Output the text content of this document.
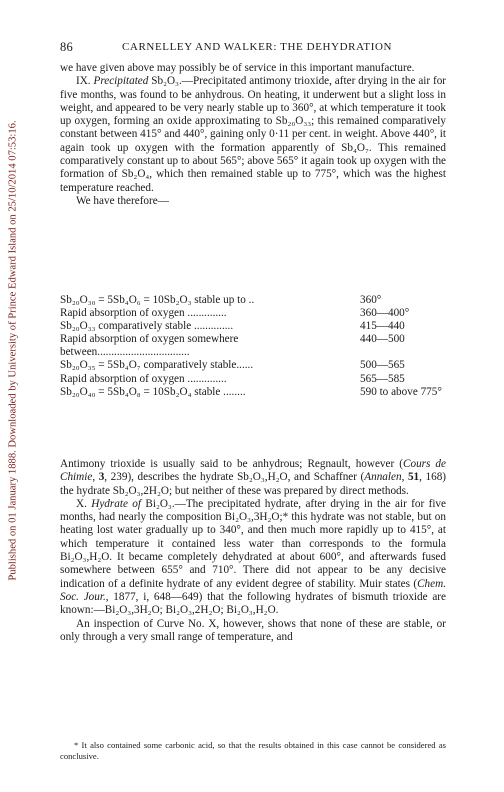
Published on 01 January 1888. Downloaded by University of Prince Edward Island on 25/10/2014 07:53:16.
86	CARNELLEY AND WALKER: THE DEHYDRATION

we have given above may possibly be of service in this important manufacture.

IX. Precipitated Sb₂O₃.—Precipitated antimony trioxide, after drying in the air for five months, was found to be anhydrous. On heating, it underwent but a slight loss in weight, and appeared to be very nearly stable up to 360°, at which temperature it took up oxygen, forming an oxide approximating to Sb₂₀O₃₃; this remained comparatively constant between 415° and 440°, gaining only 0·11 per cent. in weight. Above 440°, it again took up oxygen with the formation apparently of Sb₄O₇. This remained comparatively constant up to about 565°; above 565° it again took up oxygen with the formation of Sb₂O₄, which then remained stable up to 775°, which was the highest temperature reached.

We have therefore—

Sb₂₀O₃₀ = 5Sb₄O₆ = 10Sb₂O₃ stable up to ..	360°
Rapid absorption of oxygen ..............	360—400°
Sb₂₀O₃₃ comparatively stable ..............	415—440
Rapid absorption of oxygen somewhere between.................................	440—500
Sb₂₀O₃₅ = 5Sb₄O₇ comparatively stable......	500—565
Rapid absorption of oxygen ..............	565—585
Sb₂₀O₄₀ = 5Sb₄O₈ = 10Sb₂O₄ stable ........	590 to above 775°

Antimony trioxide is usually said to be anhydrous; Regnault, however (Cours de Chimie, 3, 239), describes the hydrate Sb₂O₃,H₂O, and Schaffner (Annalen, 51, 168) the hydrate Sb₂O₃,2H₂O; but neither of these was prepared by direct methods.

X. Hydrate of Bi₂O₃.—The precipitated hydrate, after drying in the air for five months, had nearly the composition Bi₂O₃,3H₂O;* this hydrate was not stable, but on heating lost water gradually up to 340°, and then much more rapidly up to 415°, at which temperature it contained less water than corresponds to the formula Bi₂O₃,H₂O. It became completely dehydrated at about 600°, and afterwards fused somewhere between 655° and 710°. There did not appear to be any decisive indication of a definite hydrate of any evident degree of stability. Muir states (Chem. Soc. Jour., 1877, i, 648—649) that the following hydrates of bismuth trioxide are known:—Bi₂O₃,3H₂O; Bi₂O₃,2H₂O; Bi₂O₃,H₂O.

An inspection of Curve No. X, however, shows that none of these are stable, or only through a very small range of temperature, and

* It also contained some carbonic acid, so that the results obtained in this case cannot be considered as conclusive.
